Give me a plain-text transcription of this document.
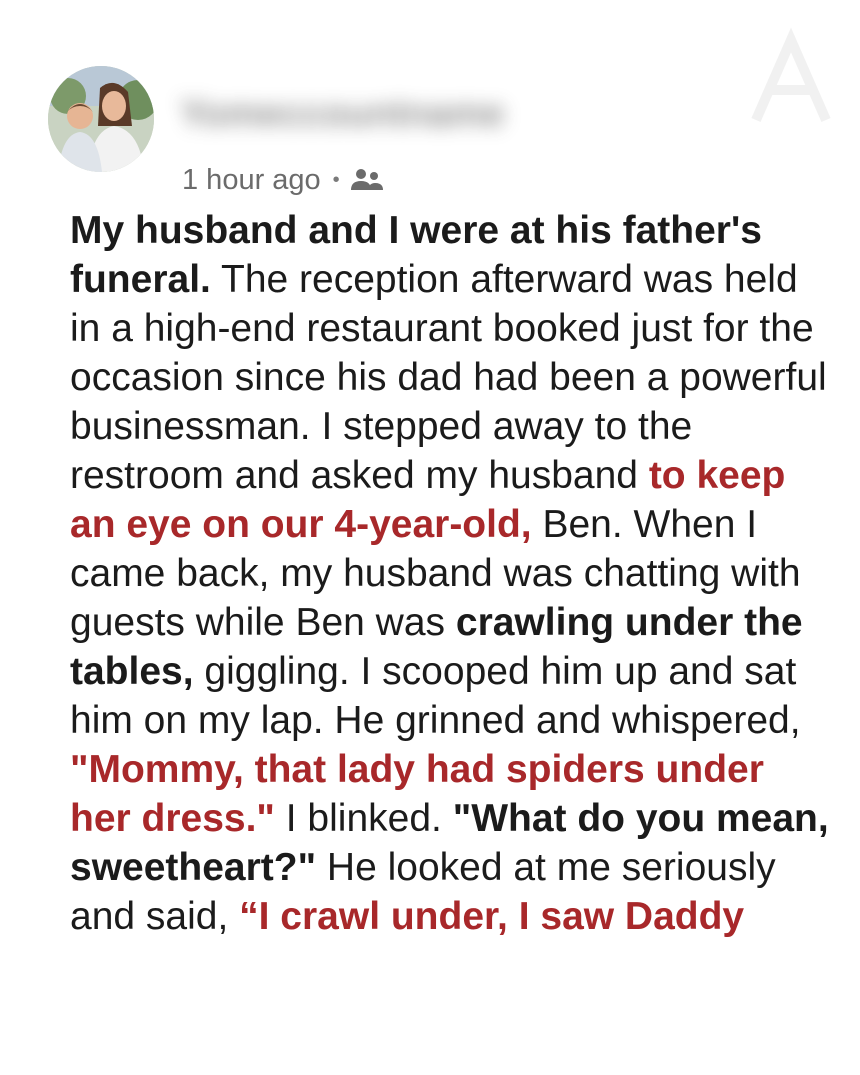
Yomeccountname
1 hour ago •

My husband and I were at his father's funeral. The reception afterward was held in a high-end restaurant booked just for the occasion since his dad had been a powerful businessman. I stepped away to the restroom and asked my husband to keep an eye on our 4-year-old, Ben. When I came back, my husband was chatting with guests while Ben was crawling under the tables, giggling. I scooped him up and sat him on my lap. He grinned and whispered, "Mommy, that lady had spiders under her dress." I blinked. "What do you mean, sweetheart?" He looked at me seriously and said, “I crawl under, I saw Daddy
